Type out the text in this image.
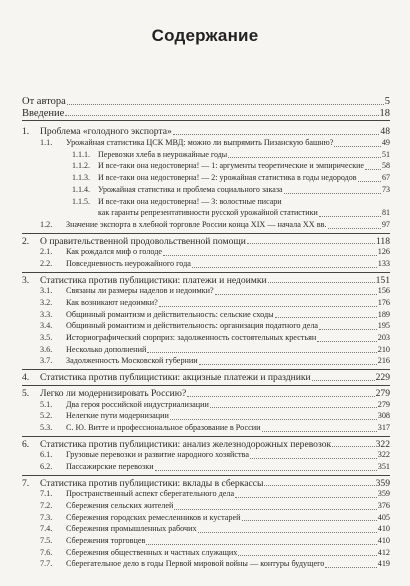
Содержание
От автора	5
Введение	18
1.	Проблема «голодного экспорта»	48
1.1.	Урожайная статистика ЦСК МВД: можно ли выпрямить Пизанскую башню?	49
1.1.1.	Перевозки хлеба в неурожайные годы	51
1.1.2.	И все-таки она недостоверна! — 1: аргументы теоретические и эмпирические 58
1.1.3.	И все-таки она недостоверна! — 2: урожайная статистика в годы недородов	67
1.1.4.	Урожайная статистика и проблема социального заказа	73
1.1.5.	И все-таки она недостоверна! — 3: волостные писари
как гаранты репрезентативности русской урожайной статистики	81
1.2.	Значение экспорта в хлебной торговле России конца XIX — начала XX вв.	97
2.	О правительственной продовольственной помощи	118
2.1.	Как рождался миф о голоде	126
2.2.	Повседневность неурожайного года	133
3.	Статистика против публицистики: платежи и недоимки	151
3.1.	Связаны ли размеры наделов и недоимки?	156
3.2.	Как возникают недоимки?	176
3.3.	Общинный романтизм и действительность: сельские сходы	189
3.4.	Общинный романтизм и действительность: организация податного дела	195
3.5.	Историографический сюрприз: задолженность состоятельных крестьян	203
3.6.	Несколько дополнений	210
3.7.	Задолженность Московской губернии	216
4.	Статистика против публицистики: акцизные платежи и праздники	229
5.	Легко ли модернизировать Россию?	279
5.1.	Два героя российской индустриализации	279
5.2.	Нелегкие пути модернизации	308
5.3.	С. Ю. Витте и профессиональное образование в России	317
6.	Статистика против публицистики: анализ железнодорожных перевозок	322
6.1.	Грузовые перевозки и развитие народного хозяйства	322
6.2.	Пассажирские перевозки	351
7.	Статистика против публицистики: вклады в сберкассы	359
7.1.	Пространственный аспект сберегательного дела	359
7.2.	Сбережения сельских жителей	376
7.3.	Сбережения городских ремесленников и кустарей	405
7.4.	Сбережения промышленных рабочих	410
7.5.	Сбережения торговцев	410
7.6.	Сбережения общественных и частных служащих	412
7.7.	Сберегательное дело в годы Первой мировой войны — контуры будущего	419
